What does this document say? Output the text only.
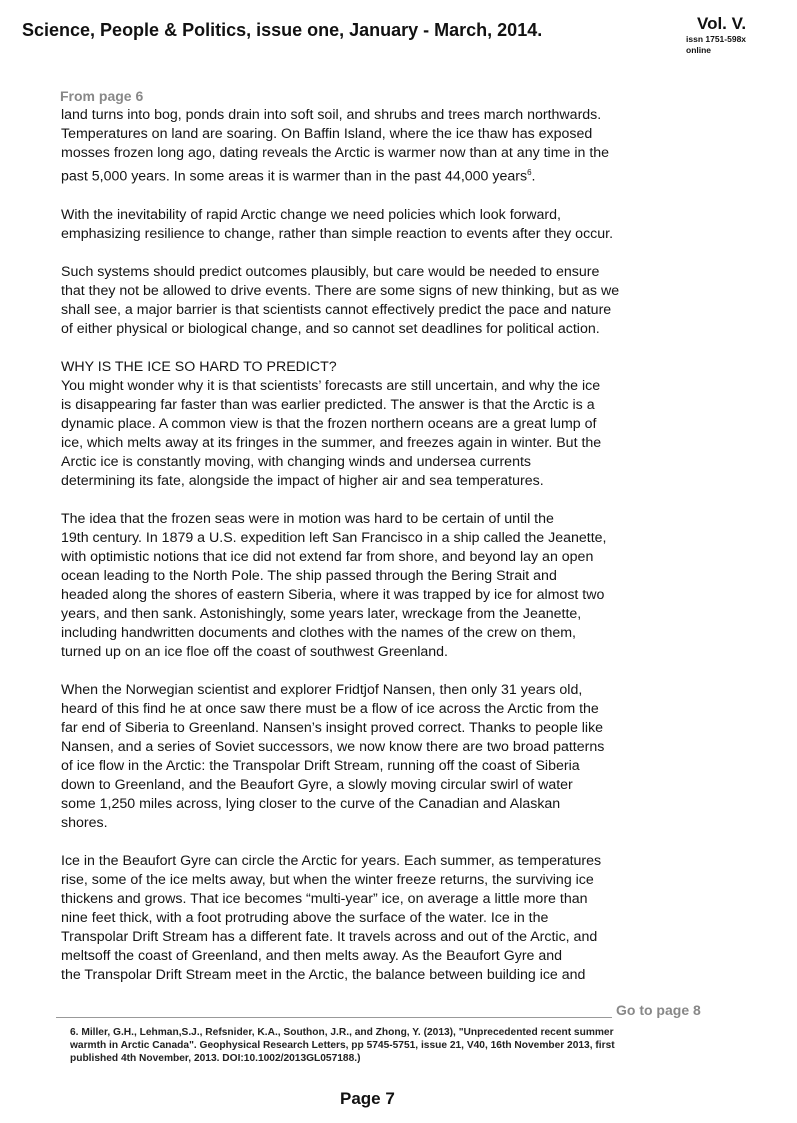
Science, People & Politics, issue one, January - March, 2014.	Vol. V.
issn 1751-598x
online
From page 6

land turns into bog, ponds drain into soft soil, and shrubs and trees march northwards.

Temperatures on land are soaring. On Baffin Island, where the ice thaw has exposed

mosses frozen long ago, dating reveals the Arctic is warmer now than at any time in the

past 5,000 years. In some areas it is warmer than in the past 44,000 years$^6$.

With the inevitability of rapid Arctic change we need policies which look forward,

emphasizing resilience to change, rather than simple reaction to events after they occur.

Such systems should predict outcomes plausibly, but care would be needed to ensure

that they not be allowed to drive events. There are some signs of new thinking, but as we

shall see, a major barrier is that scientists cannot effectively predict the pace and nature

of either physical or biological change, and so cannot set deadlines for political action.

WHY IS THE ICE SO HARD TO PREDICT?

You might wonder why it is that scientists’ forecasts are still uncertain, and why the ice

is disappearing far faster than was earlier predicted. The answer is that the Arctic is a

dynamic place. A common view is that the frozen northern oceans are a great lump of

ice, which melts away at its fringes in the summer, and freezes again in winter. But the

Arctic ice is constantly moving, with changing winds and undersea currents

determining its fate, alongside the impact of higher air and sea temperatures.

The idea that the frozen seas were in motion was hard to be certain of until the

19th century. In 1879 a U.S. expedition left San Francisco in a ship called the Jeanette,

with optimistic notions that ice did not extend far from shore, and beyond lay an open

ocean leading to the North Pole. The ship passed through the Bering Strait and

headed along the shores of eastern Siberia, where it was trapped by ice for almost two

years, and then sank. Astonishingly, some years later, wreckage from the Jeanette,

including handwritten documents and clothes with the names of the crew on them,

turned up on an ice floe off the coast of southwest Greenland.

When the Norwegian scientist and explorer Fridtjof Nansen, then only 31 years old,

heard of this find he at once saw there must be a flow of ice across the Arctic from the

far end of Siberia to Greenland. Nansen’s insight proved correct. Thanks to people like

Nansen, and a series of Soviet successors, we now know there are two broad patterns

of ice flow in the Arctic: the Transpolar Drift Stream, running off the coast of Siberia

down to Greenland, and the Beaufort Gyre, a slowly moving circular swirl of water

some 1,250 miles across, lying closer to the curve of the Canadian and Alaskan

shores.

Ice in the Beaufort Gyre can circle the Arctic for years. Each summer, as temperatures

rise, some of the ice melts away, but when the winter freeze returns, the surviving ice

thickens and grows. That ice becomes “multi-year” ice, on average a little more than

nine feet thick, with a foot protruding above the surface of the water. Ice in the

Transpolar Drift Stream has a different fate. It travels across and out of the Arctic, and

meltsoff the coast of Greenland, and then melts away. As the Beaufort Gyre and

the Transpolar Drift Stream meet in the Arctic, the balance between building ice and

Go to page 8

6. Miller, G.H., Lehman,S.J., Refsnider, K.A., Southon, J.R., and Zhong, Y. (2013), "Unprecedented recent summer

warmth in Arctic Canada". Geophysical Research Letters, pp 5745-5751, issue 21, V40, 16th November 2013, first

published 4th November, 2013. DOI:10.1002/2013GL057188.)

Page 7
